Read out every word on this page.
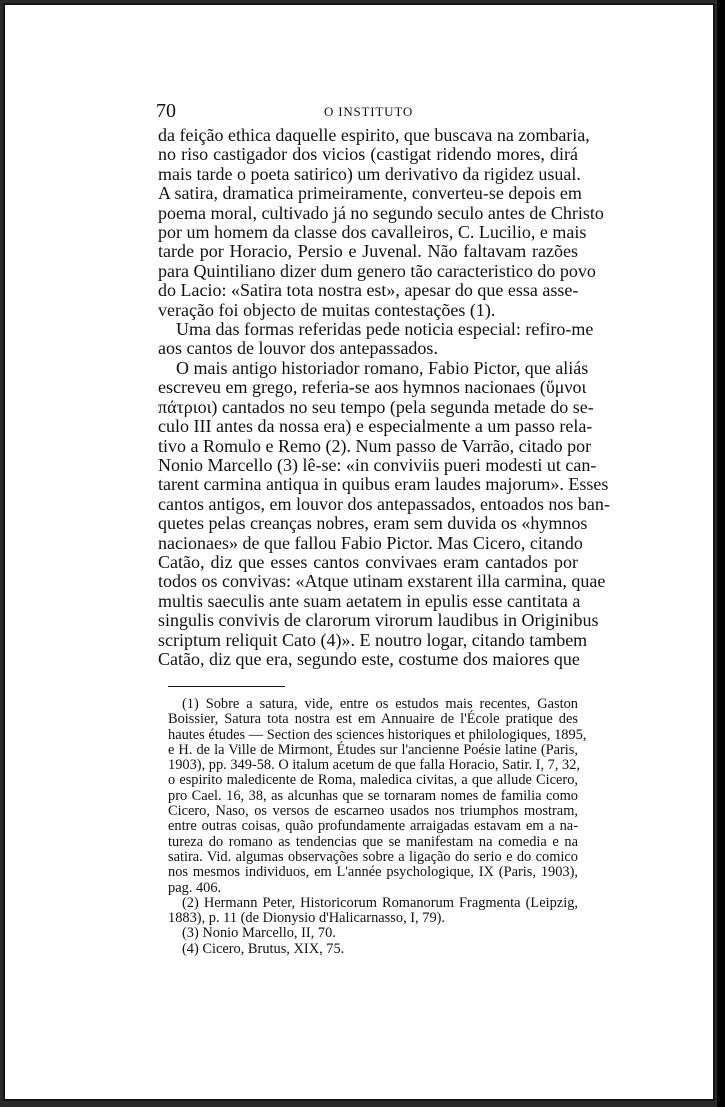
70	O INSTITUTO
da feição ethica daquelle espirito, que buscava na zombaria,
no riso castigador dos vicios (castigat ridendo mores, dirá
mais tarde o poeta satirico) um derivativo da rigidez usual.
A satira, dramatica primeiramente, converteu-se depois em
poema moral, cultivado já no segundo seculo antes de Christo
por um homem da classe dos cavalleiros, C. Lucilio, e mais
tarde por Horacio, Persio e Juvenal. Não faltavam razões
para Quintiliano dizer dum genero tão caracteristico do povo
do Lacio: «Satira tota nostra est», apesar do que essa asse-
veração foi objecto de muitas contestações (1).
Uma das formas referidas pede noticia especial: refiro-me
aos cantos de louvor dos antepassados.
O mais antigo historiador romano, Fabio Pictor, que aliás
escreveu em grego, referia-se aos hymnos nacionaes (ὕμνοι
πάτριοι) cantados no seu tempo (pela segunda metade do se-
culo III antes da nossa era) e especialmente a um passo rela-
tivo a Romulo e Remo (2). Num passo de Varrão, citado por
Nonio Marcello (3) lê-se: «in conviviis pueri modesti ut can-
tarent carmina antiqua in quibus eram laudes majorum». Esses
cantos antigos, em louvor dos antepassados, entoados nos ban-
quetes pelas creanças nobres, eram sem duvida os «hymnos
nacionaes» de que fallou Fabio Pictor. Mas Cicero, citando
Catão, diz que esses cantos convivaes eram cantados por
todos os convivas: «Atque utinam exstarent illa carmina, quae
multis saeculis ante suam aetatem in epulis esse cantitata a
singulis convivis de clarorum virorum laudibus in Originibus
scriptum reliquit Cato (4)». E noutro logar, citando tambem
Catão, diz que era, segundo este, costume dos maiores que
(1) Sobre a satura, vide, entre os estudos mais recentes, Gaston
Boissier, Satura tota nostra est em Annuaire de l'École pratique des
hautes études — Section des sciences historiques et philologiques, 1895,
e H. de la Ville de Mirmont, Études sur l'ancienne Poésie latine (Paris,
1903), pp. 349-58. O italum acetum de que falla Horacio, Satir. I, 7, 32,
o espirito maledicente de Roma, maledica civitas, a que allude Cicero,
pro Cael. 16, 38, as alcunhas que se tornaram nomes de familia como
Cicero, Naso, os versos de escarneo usados nos triumphos mostram,
entre outras coisas, quão profundamente arraigadas estavam em a na-
tureza do romano as tendencias que se manifestam na comedia e na
satira. Vid. algumas observações sobre a ligação do serio e do comico
nos mesmos individuos, em L'année psychologique, IX (Paris, 1903),
pag. 406.
(2) Hermann Peter, Historicorum Romanorum Fragmenta (Leipzig,
1883), p. 11 (de Dionysio d'Halicarnasso, I, 79).
(3) Nonio Marcello, II, 70.
(4) Cicero, Brutus, XIX, 75.
